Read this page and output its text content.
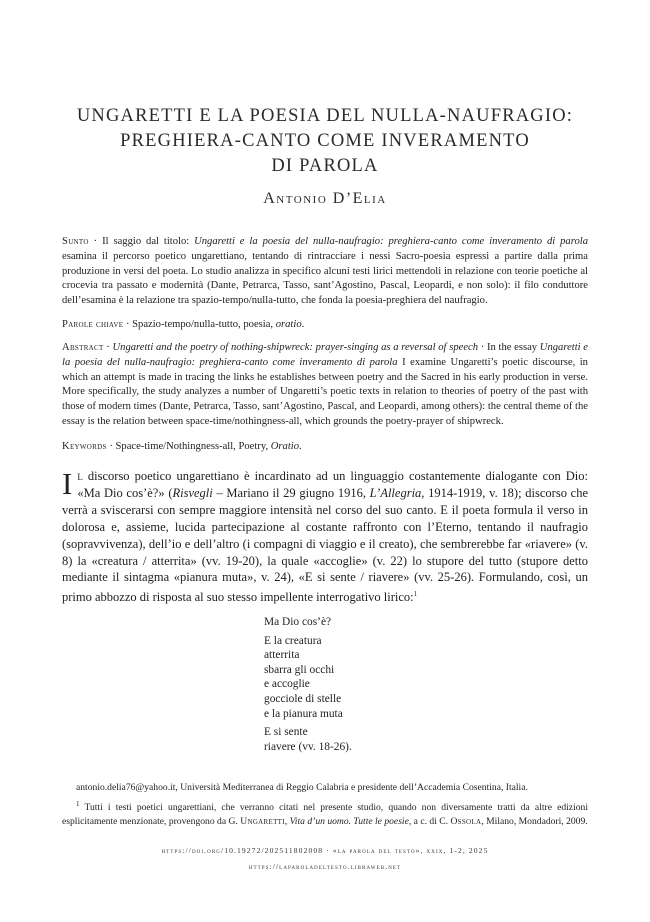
UNGARETTI E LA POESIA DEL NULLA-NAUFRAGIO:
PREGHIERA-CANTO COME INVERAMENTO
DI PAROLA
Antonio D’Elia
Sunto · Il saggio dal titolo: Ungaretti e la poesia del nulla-naufragio: preghiera-canto come inveramento di parola esamina il percorso poetico ungarettiano, tentando di rintracciare i nessi Sacro-poesia espressi a partire dalla prima produzione in versi del poeta. Lo studio analizza in specifico alcuni testi lirici mettendoli in relazione con teorie poetiche al crocevia tra passato e modernità (Dante, Petrarca, Tasso, sant’Agostino, Pascal, Leopardi, e non solo): il filo conduttore dell’esamina è la relazione tra spazio-tempo/nulla-tutto, che fonda la poesia-preghiera del naufragio.
Parole chiave · Spazio-tempo/nulla-tutto, poesia, oratio.
Abstract · Ungaretti and the poetry of nothing-shipwreck: prayer-singing as a reversal of speech · In the essay Ungaretti e la poesia del nulla-naufragio: preghiera-canto come inveramento di parola I examine Ungaretti’s poetic discourse, in which an attempt is made in tracing the links he establishes between poetry and the Sacred in his early production in verse. More specifically, the study analyzes a number of Ungaretti’s poetic texts in relation to theories of poetry of the past with those of modern times (Dante, Petrarca, Tasso, sant’Agostino, Pascal, and Leopardi, among others): the central theme of the essay is the relation between space-time/nothingness-all, which grounds the poetry-prayer of shipwreck.
Keywords · Space-time/Nothingness-all, Poetry, Oratio.
Il discorso poetico ungarettiano è incardinato ad un linguaggio costantemente dialogante con Dio: «Ma Dio cos’è?» (Risvegli – Mariano il 29 giugno 1916, L’Allegria, 1914-1919, v. 18); discorso che verrà a sviscerarsi con sempre maggiore intensità nel corso del suo canto. E il poeta formula il verso in dolorosa e, assieme, lucida partecipazione al costante raffronto con l’Eterno, tentando il naufragio (sopravvivenza), dell’io e dell’altro (i compagni di viaggio e il creato), che sembrerebbe far «riavere» (v. 8) la «creatura / atterrita» (vv. 19-20), la quale «accoglie» (v. 22) lo stupore del tutto (stupore detto mediante il sintagma «pianura muta», v. 24), «E si sente / riavere» (vv. 25-26). Formulando, così, un primo abbozzo di risposta al suo stesso impellente interrogativo lirico:$^1$
Ma Dio cos’è?
E la creatura
atterrita
sbarra gli occhi
e accoglie
gocciole di stelle
e la pianura muta
E si sente
riavere (vv. 18-26).

antonio.delia76@yahoo.it, Università Mediterranea di Reggio Calabria e presidente dell’Accademia Cosentina, Italia.

$^1$ Tutti i testi poetici ungarettiani, che verranno citati nel presente studio, quando non diversamente tratti da altre edizioni esplicitamente menzionate, provengono da G. Ungaretti, Vita d’un uomo. Tutte le poesie, a c. di C. Ossola, Milano, Mondadori, 2009.

https://doi.org/10.19272/202511802008 · «la parola del testo», xxix, 1-2, 2025
https://laparoladeltesto.libraweb.net
